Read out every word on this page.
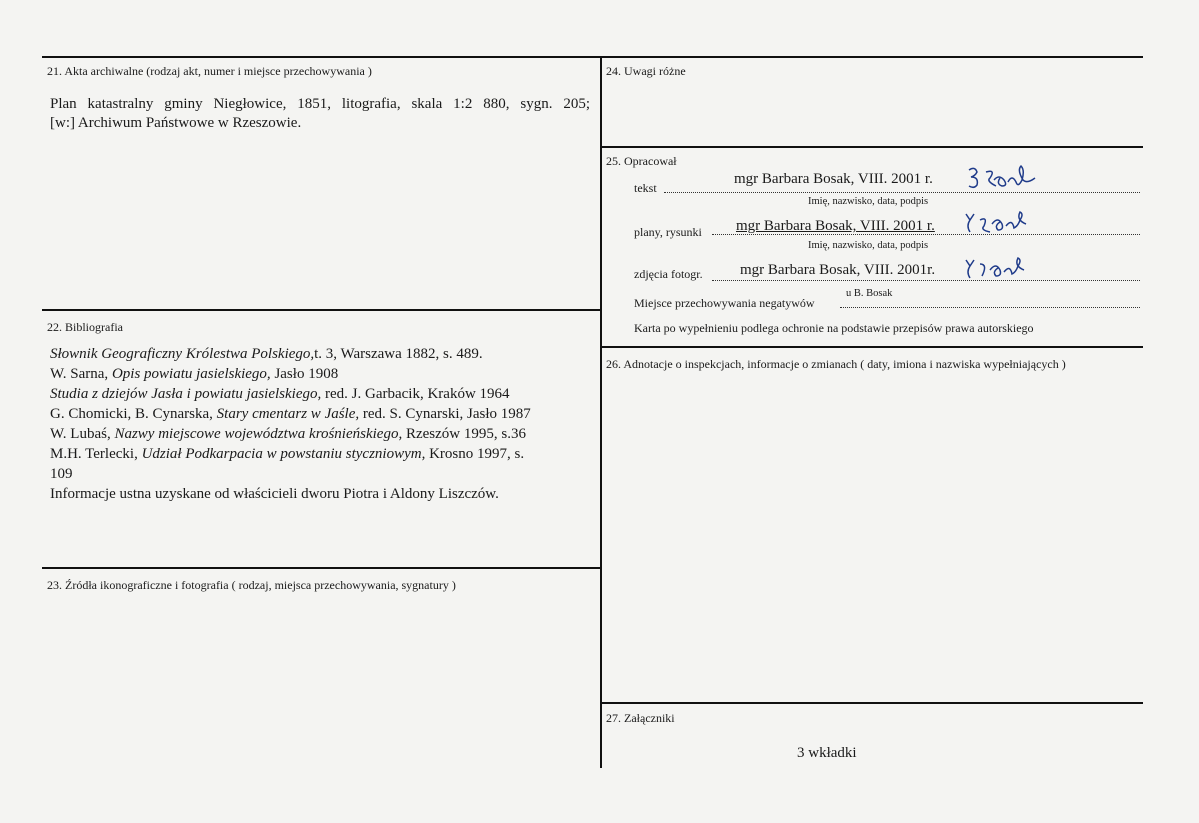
21. Akta archiwalne (rodzaj akt, numer i miejsce przechowywania )
Plan katastralny gminy Niegłowice, 1851, litografia, skala 1:2 880, sygn. 205;
[w:] Archiwum Państwowe w Rzeszowie.
22. Bibliografia
Słownik Geograficzny Królestwa Polskiego,t. 3, Warszawa 1882, s. 489.
W. Sarna, Opis powiatu jasielskiego, Jasło 1908
Studia z dziejów Jasła i powiatu jasielskiego, red. J. Garbacik, Kraków 1964
G. Chomicki, B. Cynarska, Stary cmentarz w Jaśle, red. S. Cynarski, Jasło 1987
W. Lubaś, Nazwy miejscowe województwa krośnieńskiego, Rzeszów 1995, s.36
M.H. Terlecki, Udział Podkarpacia w powstaniu styczniowym, Krosno 1997, s.
109
Informacje ustna uzyskane od właścicieli dworu Piotra i Aldony Liszczów.
23. Źródła ikonograficzne i fotografia ( rodzaj, miejsca przechowywania, sygnatury )
24. Uwagi różne
25. Opracował
tekst
mgr Barbara Bosak, VIII. 2001 r.
Imię, nazwisko, data, podpis
plany, rysunki mgr Barbara Bosak, VIII. 2001 r.
Imię, nazwisko, data, podpis
zdjęcia fotogr. mgr Barbara Bosak, VIII. 2001r.
Miejsce przechowywania negatywów
u B. Bosak
Karta po wypełnieniu podlega ochronie na podstawie przepisów prawa autorskiego
26. Adnotacje o inspekcjach, informacje o zmianach ( daty, imiona i nazwiska wypełniających )
27. Załączniki
3 wkładki
